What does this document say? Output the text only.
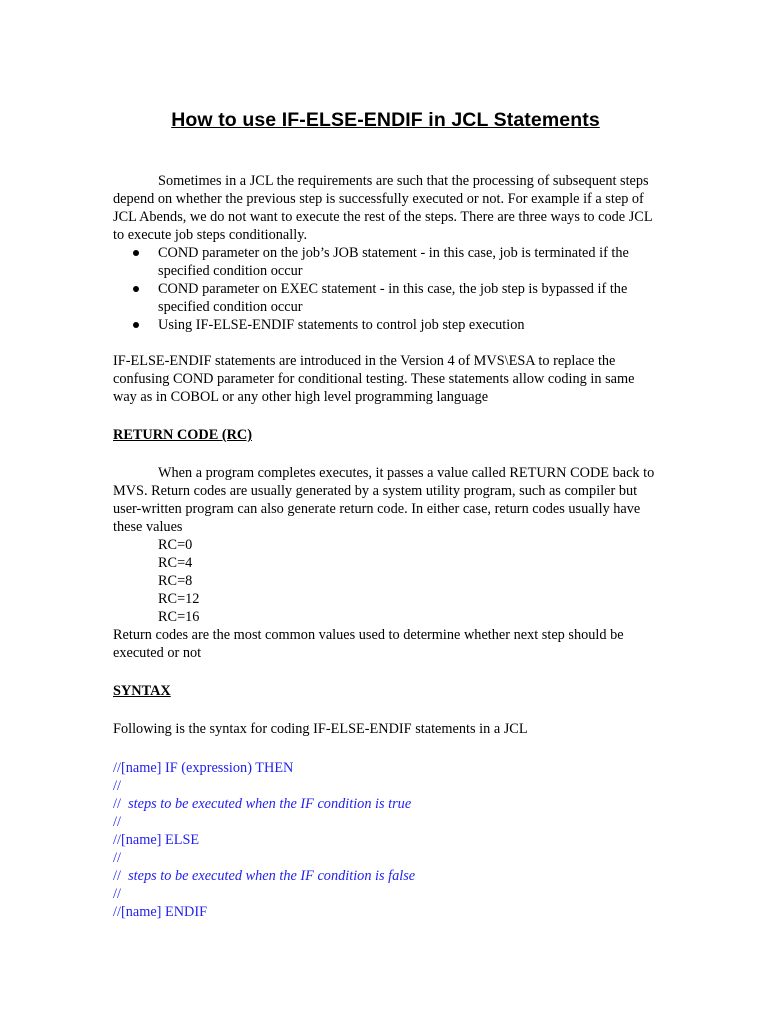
How to use IF-ELSE-ENDIF in JCL Statements

Sometimes in a JCL the requirements are such that the processing of subsequent steps depend on whether the previous step is successfully executed or not. For example if a step of JCL Abends, we do not want to execute the rest of the steps. There are three ways to code JCL to execute job steps conditionally.

COND parameter on the job’s JOB statement - in this case, job is terminated if the specified condition occur
COND parameter on EXEC statement - in this case, the job step is bypassed if the specified condition occur
Using IF-ELSE-ENDIF statements to control job step execution

IF-ELSE-ENDIF statements are introduced in the Version 4 of MVS\ESA to replace the confusing COND parameter for conditional testing. These statements allow coding in same way as in COBOL or any other high level programming language

RETURN CODE (RC)

When a program completes executes, it passes a value called RETURN CODE back to MVS. Return codes are usually generated by a system utility program, such as compiler but user-written program can also generate return code. In either case, return codes usually have these values

RC=0
RC=4
RC=8
RC=12
RC=16

Return codes are the most common values used to determine whether next step should be executed or not

SYNTAX

Following is the syntax for coding IF-ELSE-ENDIF statements in a JCL

//[name] IF (expression) THEN
//
//  steps to be executed when the IF condition is true
//
//[name] ELSE
//
//  steps to be executed when the IF condition is false
//
//[name] ENDIF
